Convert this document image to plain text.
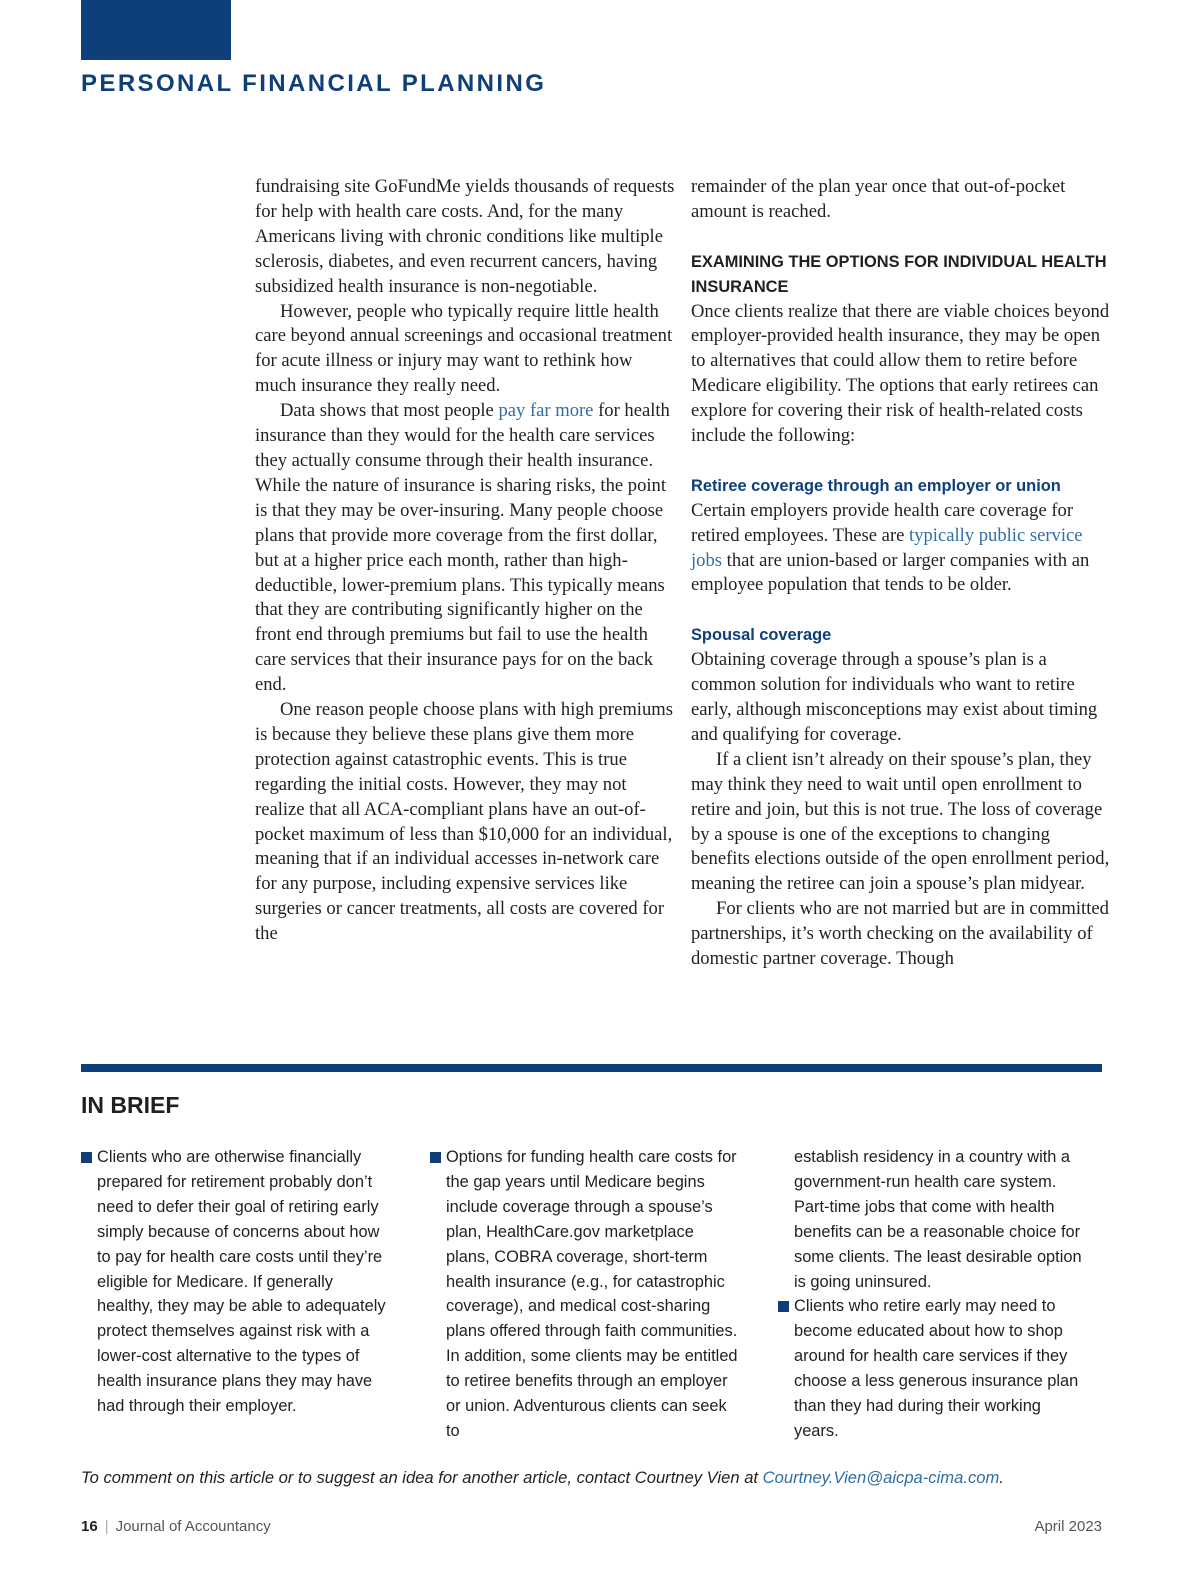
PERSONAL FINANCIAL PLANNING

fundraising site GoFundMe yields thousands of requests for help with health care costs. And, for the many Americans living with chronic conditions like multiple sclerosis, diabetes, and even recurrent cancers, having subsidized health insurance is non-negotiable.

However, people who typically require little health care beyond annual screenings and occasional treatment for acute illness or injury may want to rethink how much insurance they really need.

Data shows that most people pay far more for health insurance than they would for the health care services they actually consume through their health insurance. While the nature of insurance is sharing risks, the point is that they may be over-insuring. Many people choose plans that provide more coverage from the first dollar, but at a higher price each month, rather than high-deductible, lower-premium plans. This typically means that they are contributing significantly higher on the front end through premiums but fail to use the health care services that their insurance pays for on the back end.

One reason people choose plans with high premiums is because they believe these plans give them more protection against catastrophic events. This is true regarding the initial costs. However, they may not realize that all ACA-compliant plans have an out-of-pocket maximum of less than $10,000 for an individual, meaning that if an individual accesses in-network care for any purpose, including expensive services like surgeries or cancer treatments, all costs are covered for the

remainder of the plan year once that out-of-pocket amount is reached.

EXAMINING THE OPTIONS FOR INDIVIDUAL HEALTH INSURANCE

Once clients realize that there are viable choices beyond employer-provided health insurance, they may be open to alternatives that could allow them to retire before Medicare eligibility. The options that early retirees can explore for covering their risk of health-related costs include the following:

Retiree coverage through an employer or union

Certain employers provide health care coverage for retired employees. These are typically public service jobs that are union-based or larger companies with an employee population that tends to be older.

Spousal coverage

Obtaining coverage through a spouse’s plan is a common solution for individuals who want to retire early, although misconceptions may exist about timing and qualifying for coverage.

If a client isn’t already on their spouse’s plan, they may think they need to wait until open enrollment to retire and join, but this is not true. The loss of coverage by a spouse is one of the exceptions to changing benefits elections outside of the open enrollment period, meaning the retiree can join a spouse’s plan midyear.

For clients who are not married but are in committed partnerships, it’s worth checking on the availability of domestic partner coverage. Though

IN BRIEF

Clients who are otherwise financially prepared for retirement probably don’t need to defer their goal of retiring early simply because of concerns about how to pay for health care costs until they’re eligible for Medicare. If generally healthy, they may be able to adequately protect themselves against risk with a lower-cost alternative to the types of health insurance plans they may have had through their employer.

Options for funding health care costs for the gap years until Medicare begins include coverage through a spouse’s plan, HealthCare.gov marketplace plans, COBRA coverage, short-term health insurance (e.g., for catastrophic coverage), and medical cost-sharing plans offered through faith communities. In addition, some clients may be entitled to retiree benefits through an employer or union. Adventurous clients can seek to

establish residency in a country with a government-run health care system. Part-time jobs that come with health benefits can be a reasonable choice for some clients. The least desirable option is going uninsured.

Clients who retire early may need to become educated about how to shop around for health care services if they choose a less generous insurance plan than they had during their working years.

To comment on this article or to suggest an idea for another article, contact Courtney Vien at Courtney.Vien@aicpa-cima.com.
16 | Journal of Accountancy	April 2023
